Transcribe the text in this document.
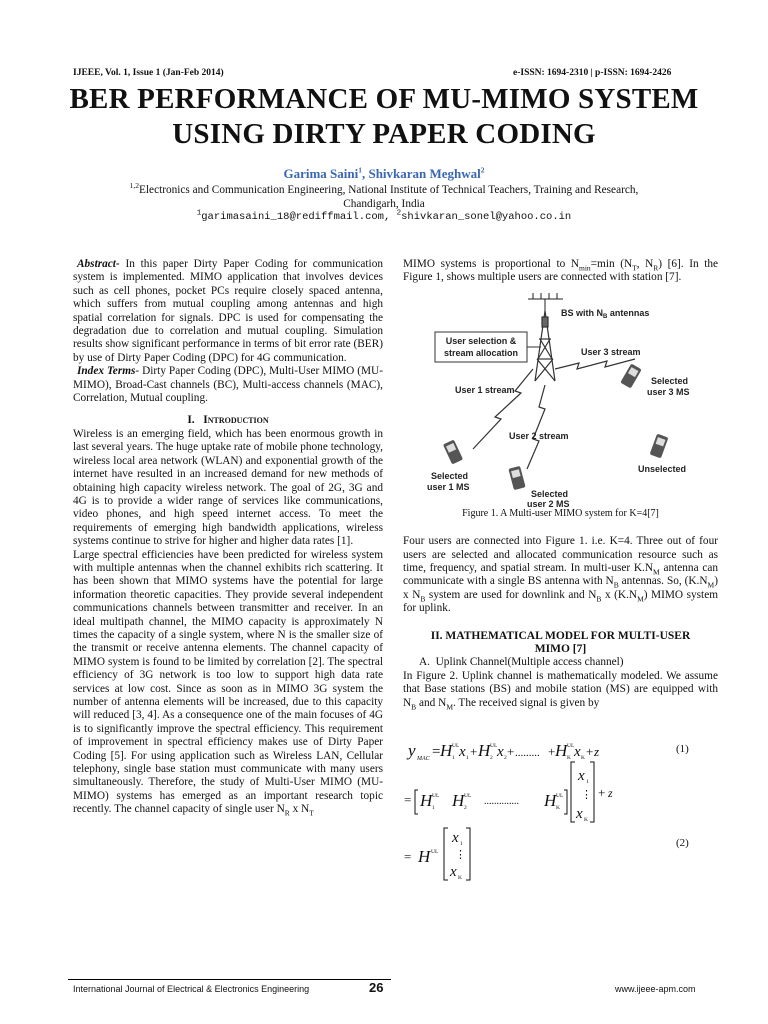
IJEEE, Vol. 1, Issue 1 (Jan-Feb 2014)	e-ISSN: 1694-2310 | p-ISSN: 1694-2426
BER PERFORMANCE OF MU-MIMO SYSTEM
USING DIRTY PAPER CODING
Garima Saini$^1$, Shivkaran Meghwal$^2$
$^{1,2}$Electronics and Communication Engineering, National Institute of Technical Teachers, Training and Research,
Chandigarh, India
$^1$garimasaini_18@rediffmail.com, $^2$shivkaran_sonel@yahoo.co.in

Abstract- In this paper Dirty Paper Coding for communication system is implemented. MIMO application that involves devices such as cell phones, pocket PCs require closely spaced antenna, which suffers from mutual coupling among antennas and high spatial correlation for signals. DPC is used for compensating the degradation due to correlation and mutual coupling. Simulation results show significant performance in terms of bit error rate (BER) by use of Dirty Paper Coding (DPC) for 4G communication.

Index Terms- Dirty Paper Coding (DPC), Multi-User MIMO (MU-MIMO), Broad-Cast channels (BC), Multi-access channels (MAC), Correlation, Mutual coupling.

I. Introduction

Wireless is an emerging field, which has been enormous growth in last several years. The huge uptake rate of mobile phone technology, wireless local area network (WLAN) and exponential growth of the internet have resulted in an increased demand for new methods of obtaining high capacity wireless network. The goal of 2G, 3G and 4G is to provide a wider range of services like communications, video phones, and high speed internet access. To meet the requirements of emerging high bandwidth applications, wireless systems continue to strive for higher and higher data rates [1].

Large spectral efficiencies have been predicted for wireless system with multiple antennas when the channel exhibits rich scattering. It has been shown that MIMO systems have the potential for large information theoretic capacities. They provide several independent communications channels between transmitter and receiver. In an ideal multipath channel, the MIMO capacity is approximately N times the capacity of a single system, where N is the smaller size of the transmit or receive antenna elements. The channel capacity of MIMO system is found to be limited by correlation [2]. The spectral efficiency of 3G network is too low to support high data rate services at low cost. Since as soon as in MIMO 3G system the number of antenna elements will be increased, due to this capacity will reduced [3, 4]. As a consequence one of the main focuses of 4G is to significantly improve the spectral efficiency. This requirement of improvement in spectral efficiency makes use of Dirty Paper Coding [5]. For using application such as Wireless LAN, Cellular telephony, single base station must communicate with many users simultaneously. Therefore, the study of Multi-User MIMO (MU-MIMO) systems has emerged as an important research topic recently. The channel capacity of single user $N_R$ x $N_T$

MIMO systems is proportional to $N_{min}=\min$ ($N_T$, $N_R$) [6]. In the Figure 1, shows multiple users are connected with station [7].

BS with $N_B$ antennas
User selection &
stream allocation	User 3 stream
User 1 stream
User 2 stream
Selected
user 3 MS
Selected
user 1 MS
Selected
user 2 MS
Unselected
Figure 1. A Multi-user MIMO system for K=4[7]

Four users are connected into Figure 1. i.e. K=4. Three out of four users are selected and allocated communication resource such as time, frequency, and spatial stream. In multi-user $K.N_M$ antenna can communicate with a single BS antenna with $N_B$ antennas. So, $(K.N_M)$ x $N_B$ system are used for downlink and $N_B$ x $(K.N_M)$ MIMO system for uplink.

II. MATHEMATICAL MODEL FOR MULTI-USER
MIMO [7]
A.  Uplink Channel(Multiple access channel)

In Figure 2. Uplink channel is mathematically modeled. We assume that Base stations (BS) and mobile station (MS) are equipped with $N_B$ and $N_M$. The received signal is given by

y MAC = H UL
1 x 1 + H UL
2 x 2 + ......... + H UL
K x K + z	(1)
= H UL
1 H UL
2
.............. H UL
K
x 1
⋮
x K
+ z
= H UL
x 1
⋮
x K
(2)
International Journal of Electrical & Electronics Engineering	26	www.ijeee-apm.com
